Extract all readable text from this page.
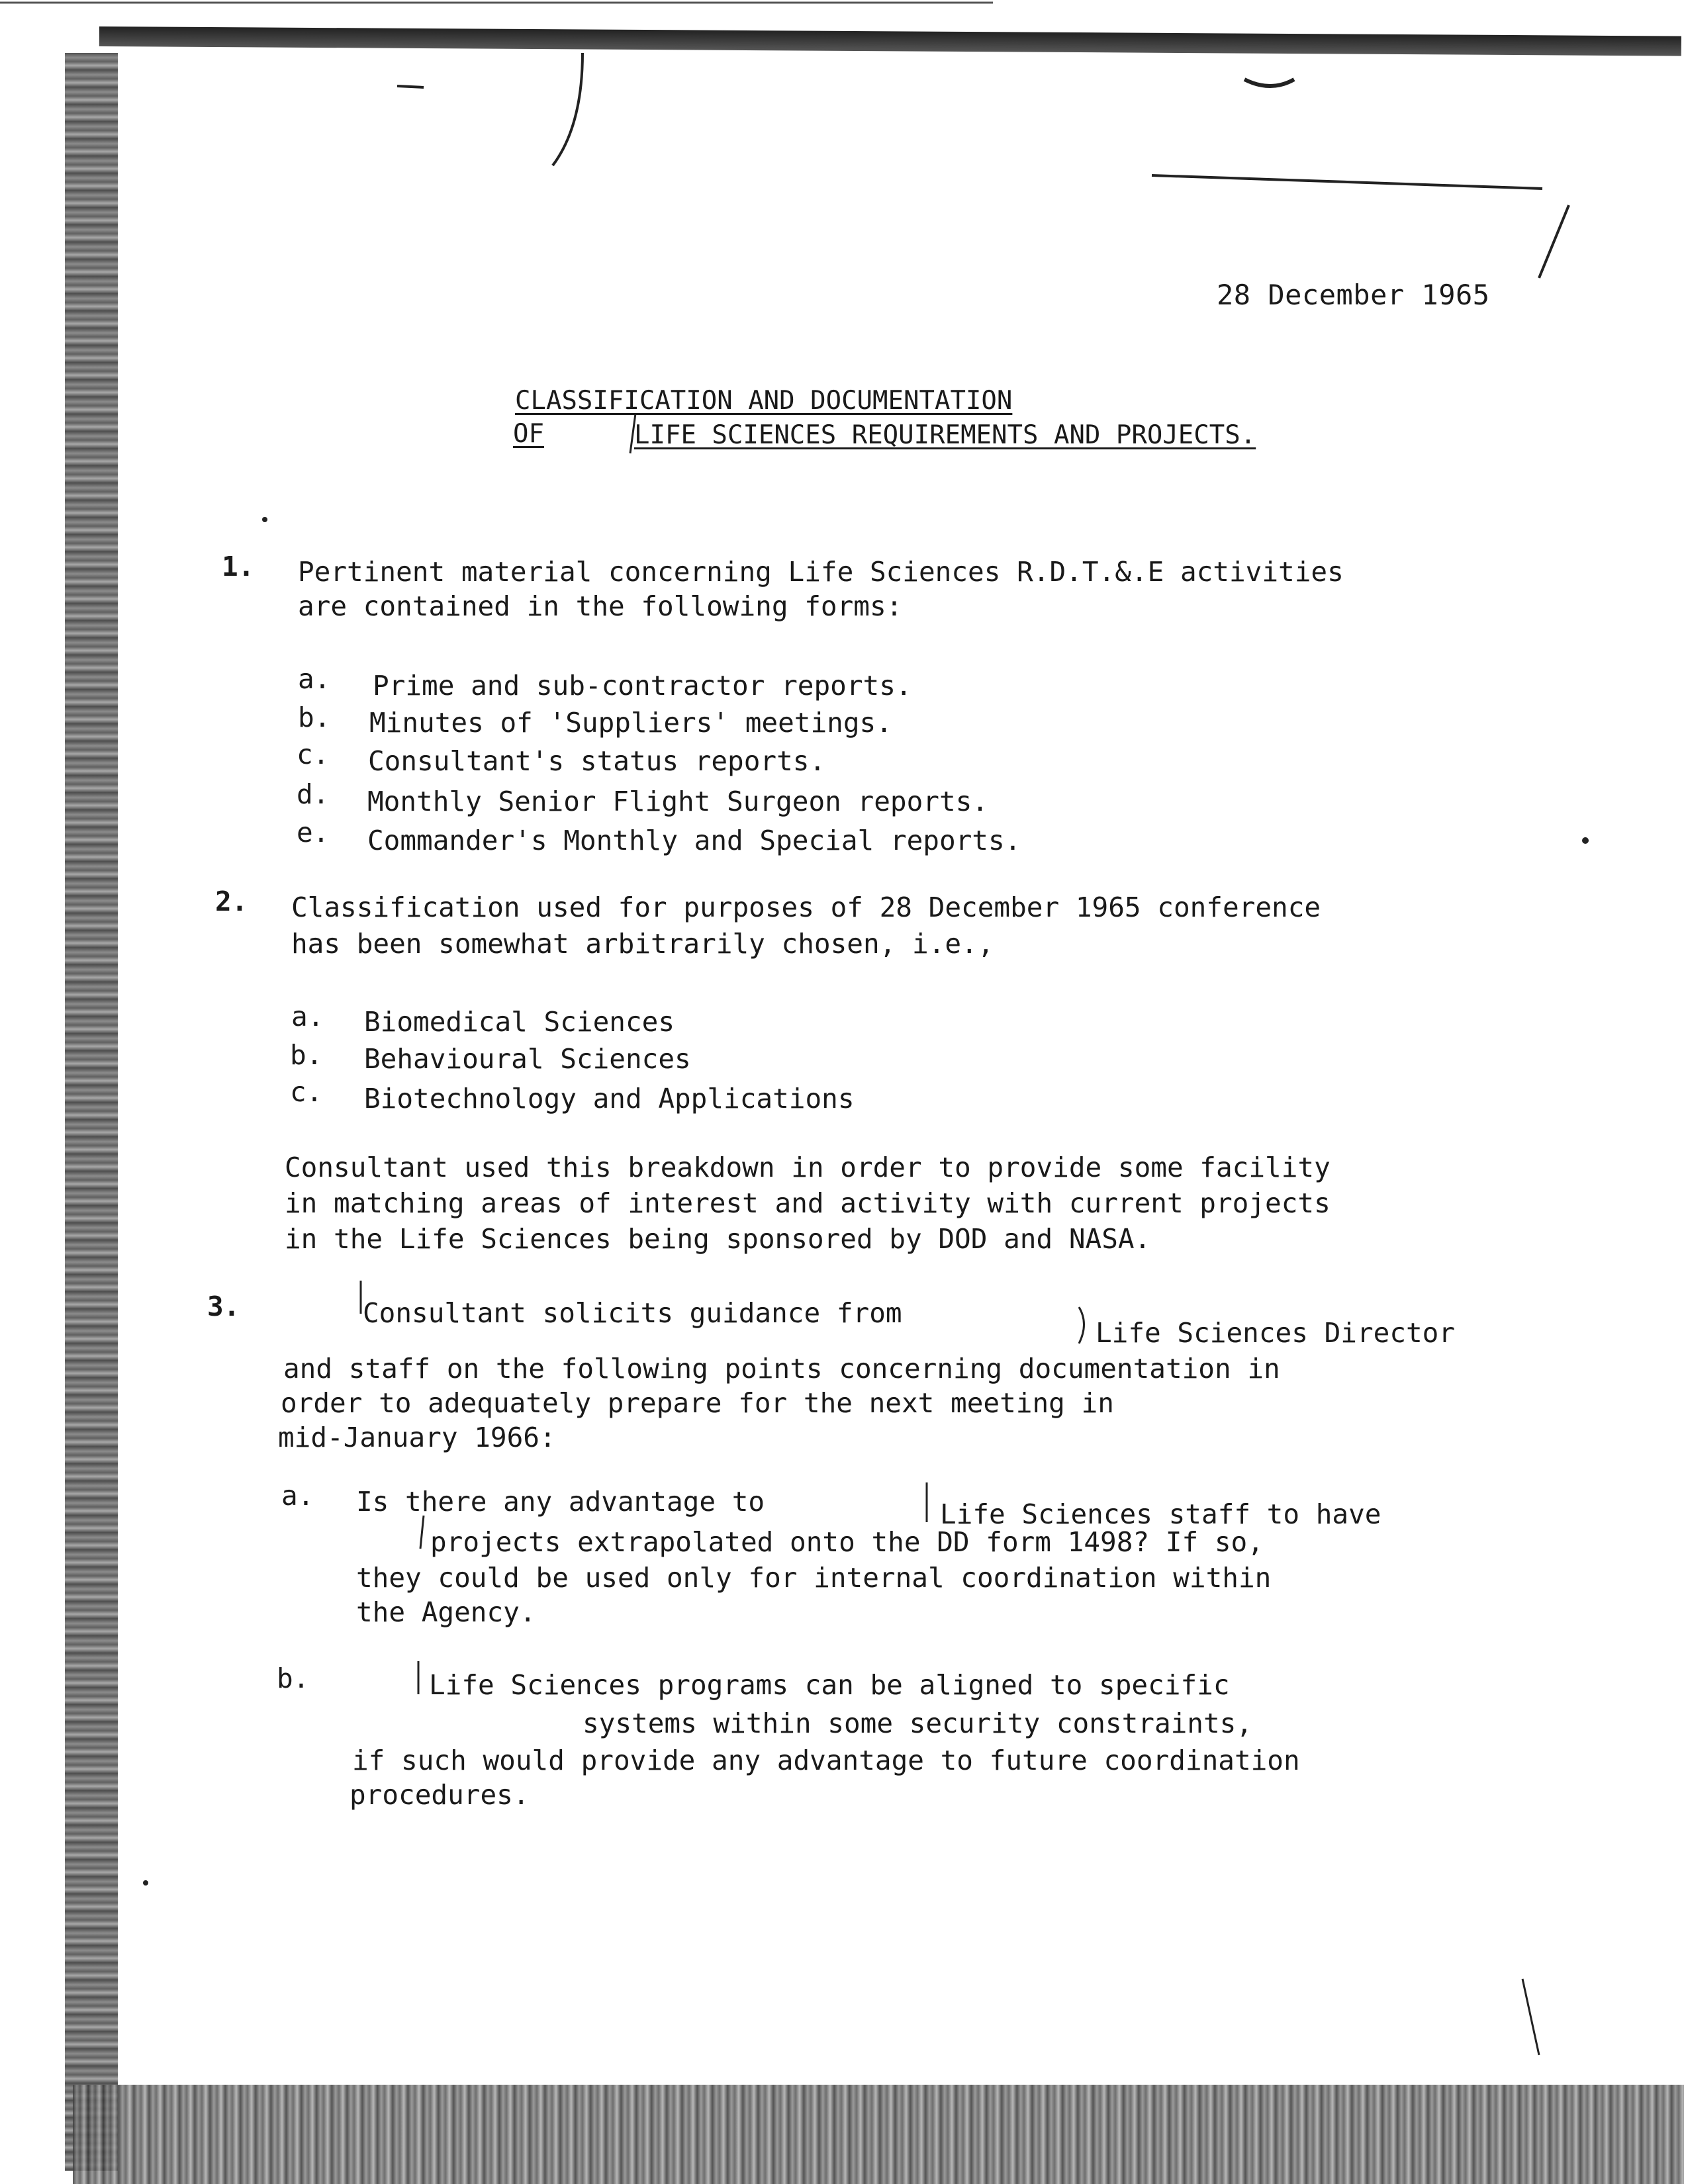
28 December 1965
CLASSIFICATION AND DOCUMENTATION
OF	LIFE SCIENCES REQUIREMENTS AND PROJECTS.
1. Pertinent material concerning Life Sciences R.D.T.&.E activities
are contained in the following forms:
a. Prime and sub-contractor reports.
b. Minutes of 'Suppliers' meetings.
c. Consultant's status reports.
d. Monthly Senior Flight Surgeon reports.
e. Commander's Monthly and Special reports.
2. Classification used for purposes of 28 December 1965 conference
has been somewhat arbitrarily chosen, i.e.,
a. Biomedical Sciences
b. Behavioural Sciences
c. Biotechnology and Applications
Consultant used this breakdown in order to provide some facility
in matching areas of interest and activity with current projects
in the Life Sciences being sponsored by DOD and NASA.
3.	Consultant solicits guidance from
Life Sciences Director
and staff on the following points concerning documentation in
order to adequately prepare for the next meeting in
mid-January 1966:
a. Is there any advantage to	Life Sciences staff to have
projects extrapolated onto the DD form 1498? If so,
they could be used only for internal coordination within
the Agency.
b.	Life Sciences programs can be aligned to specific
systems within some security constraints,
if such would provide any advantage to future coordination
procedures.
